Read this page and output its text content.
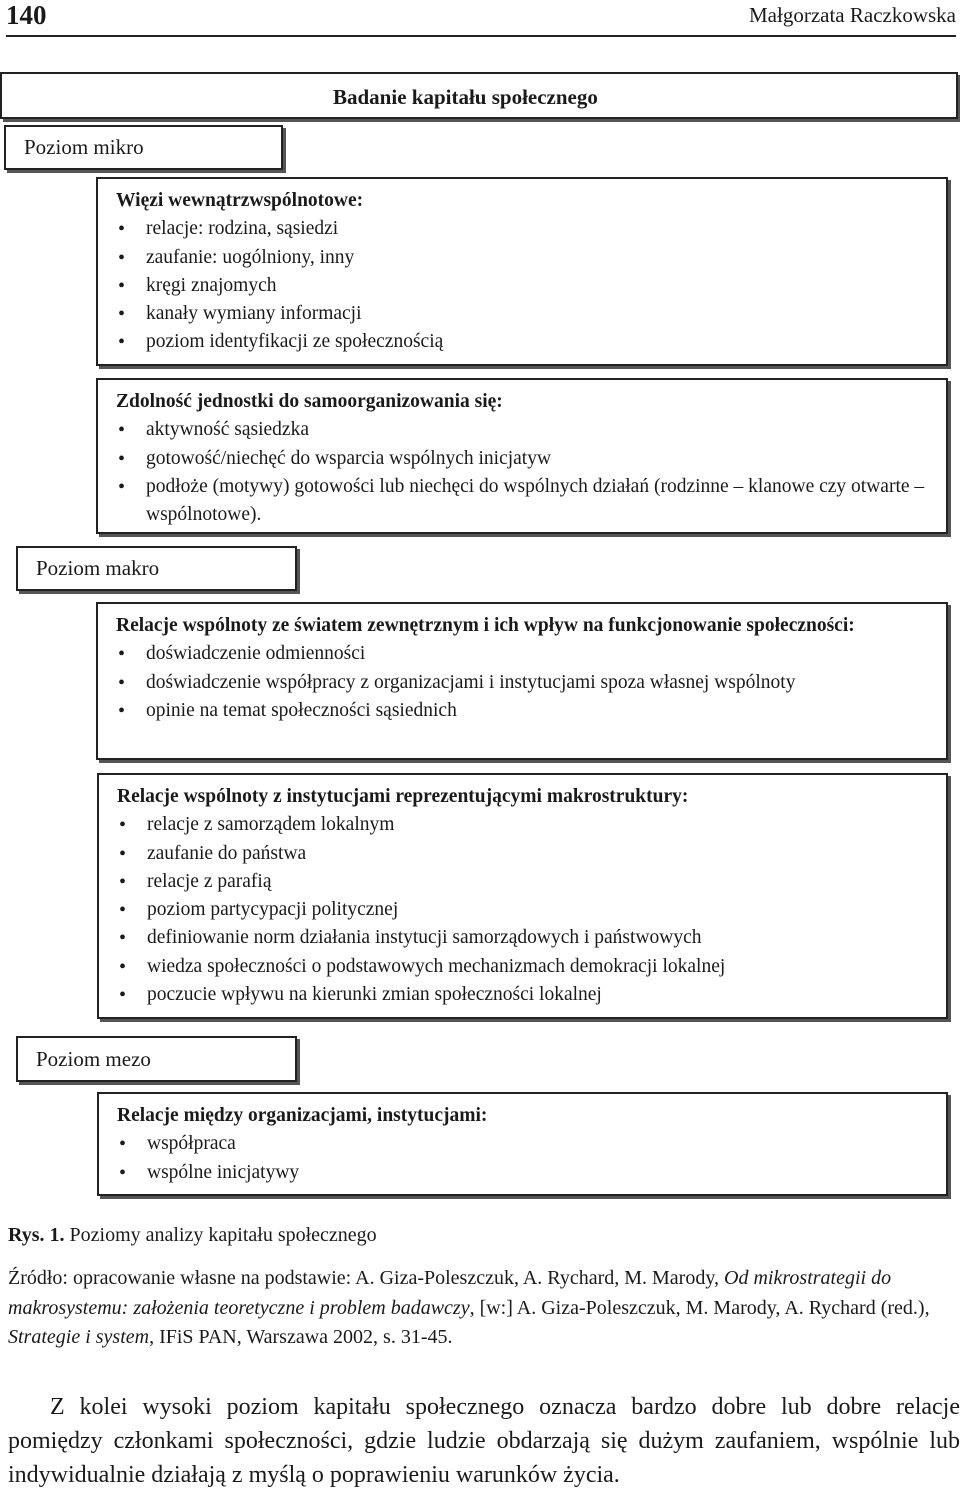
140	Małgorzata Raczkowska
Badanie kapitału społecznego
Poziom mikro
Więzi wewnątrzwspólnotowe:
• relacje: rodzina, sąsiedzi
• zaufanie: uogólniony, inny
• kręgi znajomych
• kanały wymiany informacji
• poziom identyfikacji ze społecznością
Zdolność jednostki do samoorganizowania się:
• aktywność sąsiedzka
• gotowość/niechęć do wsparcia wspólnych inicjatyw
• podłoże (motywy) gotowości lub niechęci do wspólnych działań (rodzinne – klanowe czy otwarte – wspólnotowe).
Poziom makro
Relacje wspólnoty ze światem zewnętrznym i ich wpływ na funkcjonowanie społeczności:
• doświadczenie odmienności
• doświadczenie współpracy z organizacjami i instytucjami spoza własnej wspólnoty
• opinie na temat społeczności sąsiednich
Relacje wspólnoty z instytucjami reprezentującymi makrostruktury:
• relacje z samorządem lokalnym
• zaufanie do państwa
• relacje z parafią
• poziom partycypacji politycznej
• definiowanie norm działania instytucji samorządowych i państwowych
• wiedza społeczności o podstawowych mechanizmach demokracji lokalnej
• poczucie wpływu na kierunki zmian społeczności lokalnej
Poziom mezo
Relacje między organizacjami, instytucjami:
• współpraca
• wspólne inicjatywy
Rys. 1. Poziomy analizy kapitału społecznego
Źródło: opracowanie własne na podstawie: A. Giza-Poleszczuk, A. Rychard, M. Marody, Od mikrostrategii do makrosystemu: założenia teoretyczne i problem badawczy, [w:] A. Giza-Poleszczuk, M. Marody, A. Rychard (red.), Strategie i system, IFiS PAN, Warszawa 2002, s. 31-45.

Z kolei wysoki poziom kapitału społecznego oznacza bardzo dobre lub dobre relacje pomiędzy członkami społeczności, gdzie ludzie obdarzają się dużym zaufaniem, wspólnie lub indywidualnie działają z myślą o poprawieniu warunków życia.
